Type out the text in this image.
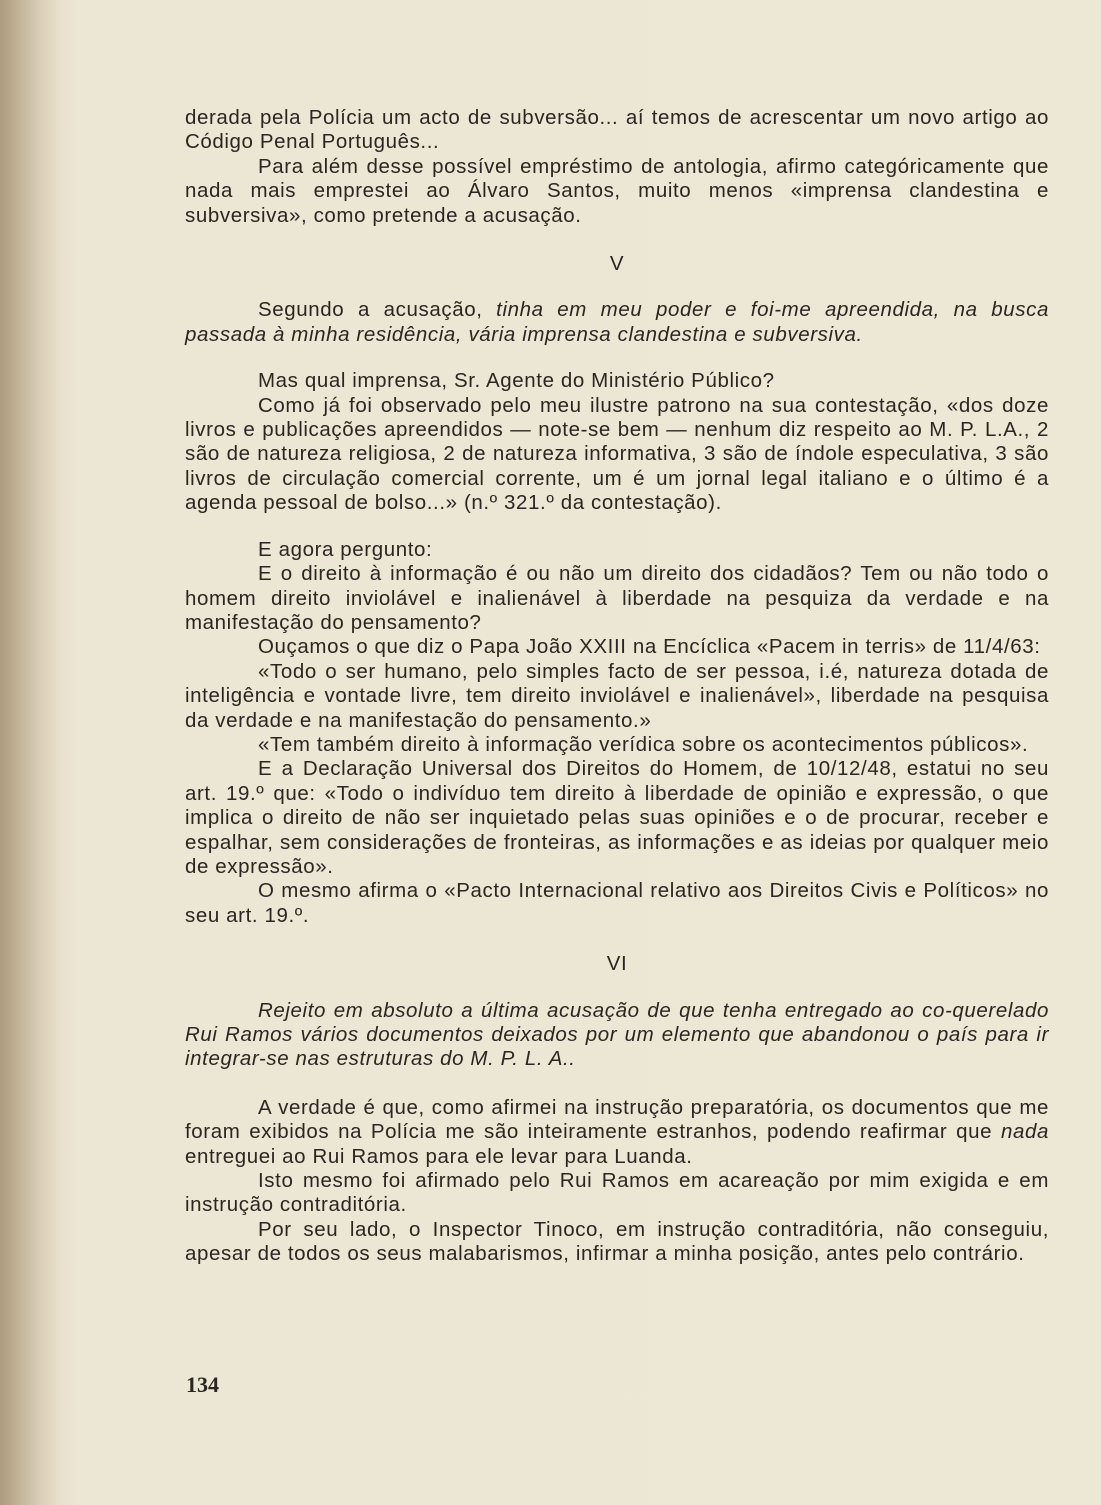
derada pela Polícia um acto de subversão... aí temos de acrescentar um novo artigo ao Código Penal Português...

Para além desse possível empréstimo de antologia, afirmo categóricamente que nada mais emprestei ao Álvaro Santos, muito menos «imprensa clandestina e subversiva», como pretende a acusação.

V

Segundo a acusação, tinha em meu poder e foi-me apreendida, na busca passada à minha residência, vária imprensa clandestina e subversiva.

Mas qual imprensa, Sr. Agente do Ministério Público?

Como já foi observado pelo meu ilustre patrono na sua contestação, «dos doze livros e publicações apreendidos — note-se bem — nenhum diz respeito ao M. P. L.A., 2 são de natureza religiosa, 2 de natureza informativa, 3 são de índole especulativa, 3 são livros de circulação comercial corrente, um é um jornal legal italiano e o último é a agenda pessoal de bolso...» (n.º 321.º da contestação).

E agora pergunto:

E o direito à informação é ou não um direito dos cidadãos? Tem ou não todo o homem direito inviolável e inalienável à liberdade na pesquiza da verdade e na manifestação do pensamento?

Ouçamos o que diz o Papa João XXIII na Encíclica «Pacem in terris» de 11/4/63:

«Todo o ser humano, pelo simples facto de ser pessoa, i.é, natureza dotada de inteligência e vontade livre, tem direito inviolável e inalienável», liberdade na pesquisa da verdade e na manifestação do pensamento.»

«Tem também direito à informação verídica sobre os acontecimentos públicos».

E a Declaração Universal dos Direitos do Homem, de 10/12/48, estatui no seu art. 19.º que: «Todo o indivíduo tem direito à liberdade de opinião e expressão, o que implica o direito de não ser inquietado pelas suas opiniões e o de procurar, receber e espalhar, sem considerações de fronteiras, as informações e as ideias por qualquer meio de expressão».

O mesmo afirma o «Pacto Internacional relativo aos Direitos Civis e Políticos» no seu art. 19.º.

VI

Rejeito em absoluto a última acusação de que tenha entregado ao co-querelado Rui Ramos vários documentos deixados por um elemento que abandonou o país para ir integrar-se nas estruturas do M. P. L. A..

A verdade é que, como afirmei na instrução preparatória, os documentos que me foram exibidos na Polícia me são inteiramente estranhos, podendo reafirmar que nada entreguei ao Rui Ramos para ele levar para Luanda.

Isto mesmo foi afirmado pelo Rui Ramos em acareação por mim exigida e em instrução contraditória.

Por seu lado, o Inspector Tinoco, em instrução contraditória, não conseguiu, apesar de todos os seus malabarismos, infirmar a minha posição, antes pelo contrário.

134
